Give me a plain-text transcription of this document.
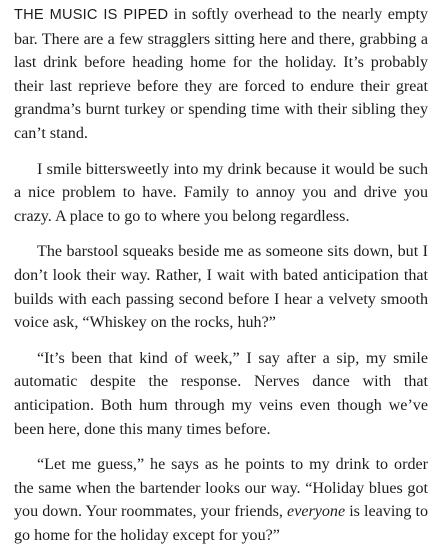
THE MUSIC IS PIPED in softly overhead to the nearly empty bar. There are a few stragglers sitting here and there, grabbing a last drink before heading home for the holiday. It’s probably their last reprieve before they are forced to endure their great grandma’s burnt turkey or spending time with their sibling they can’t stand.

I smile bittersweetly into my drink because it would be such a nice problem to have. Family to annoy you and drive you crazy. A place to go to where you belong regardless.

The barstool squeaks beside me as someone sits down, but I don’t look their way. Rather, I wait with bated anticipation that builds with each passing second before I hear a velvety smooth voice ask, “Whiskey on the rocks, huh?”

“It’s been that kind of week,” I say after a sip, my smile automatic despite the response. Nerves dance with that anticipation. Both hum through my veins even though we’ve been here, done this many times before.

“Let me guess,” he says as he points to my drink to order the same when the bartender looks our way. “Holiday blues got you down. Your roommates, your friends, everyone is leaving to go home for the holiday except for you?”
